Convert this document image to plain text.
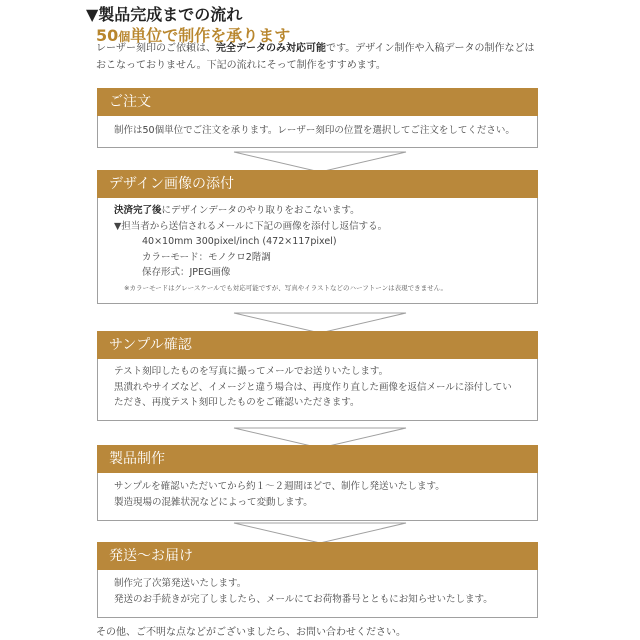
▼製品完成までの流れ
50個単位で制作を承ります
レーザー刻印のご依頼は、完全データのみ対応可能です。デザイン制作や入稿データの制作などはおこなっておりません。下記の流れにそって制作をすすめます。
ご注文
制作は50個単位でご注文を承ります。レーザー刻印の位置を選択してご注文をしてください。
デザイン画像の添付
決済完了後にデザインデータのやり取りをおこないます。
▼担当者から送信されるメールに下記の画像を添付し返信する。
40×10mm 300pixel/inch (472×117pixel)
カラーモード：モノクロ2階調
保存形式：JPEG画像
※カラーモードはグレースケールでも対応可能ですが、写真やイラストなどのハーフトーンは表現できません。
サンプル確認
テスト刻印したものを写真に撮ってメールでお送りいたします。
黒潰れやサイズなど、イメージと違う場合は、再度作り直した画像を返信メールに添付してい
ただき、再度テスト刻印したものをご確認いただきます。
製品制作
サンプルを確認いただいてから約１～２週間ほどで、制作し発送いたします。
製造現場の混雑状況などによって変動します。
発送〜お届け
制作完了次第発送いたします。
発送のお手続きが完了しましたら、メールにてお荷物番号とともにお知らせいたします。
その他、ご不明な点などがございましたら、お問い合わせください。
